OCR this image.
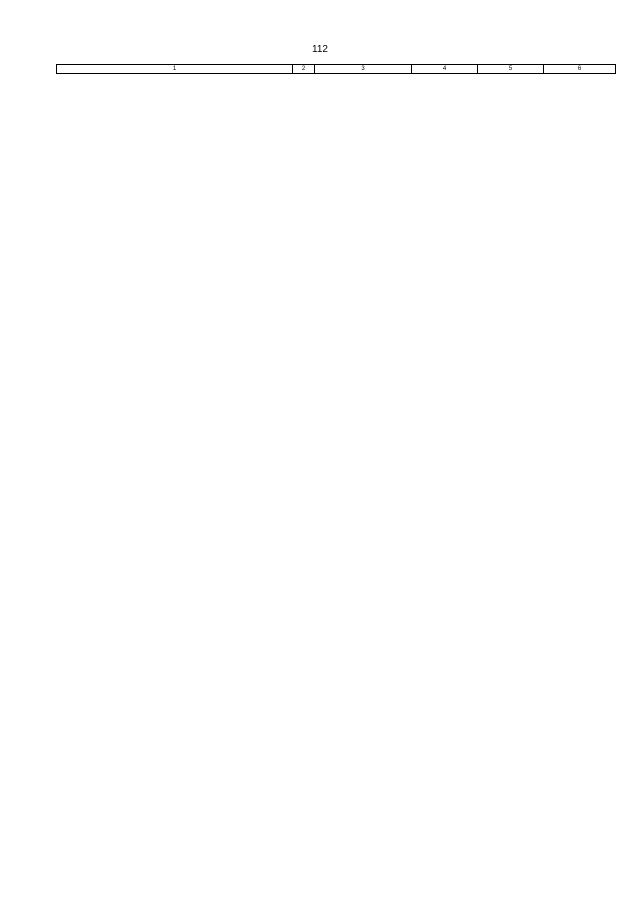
112
1	2	3	4	5	6
